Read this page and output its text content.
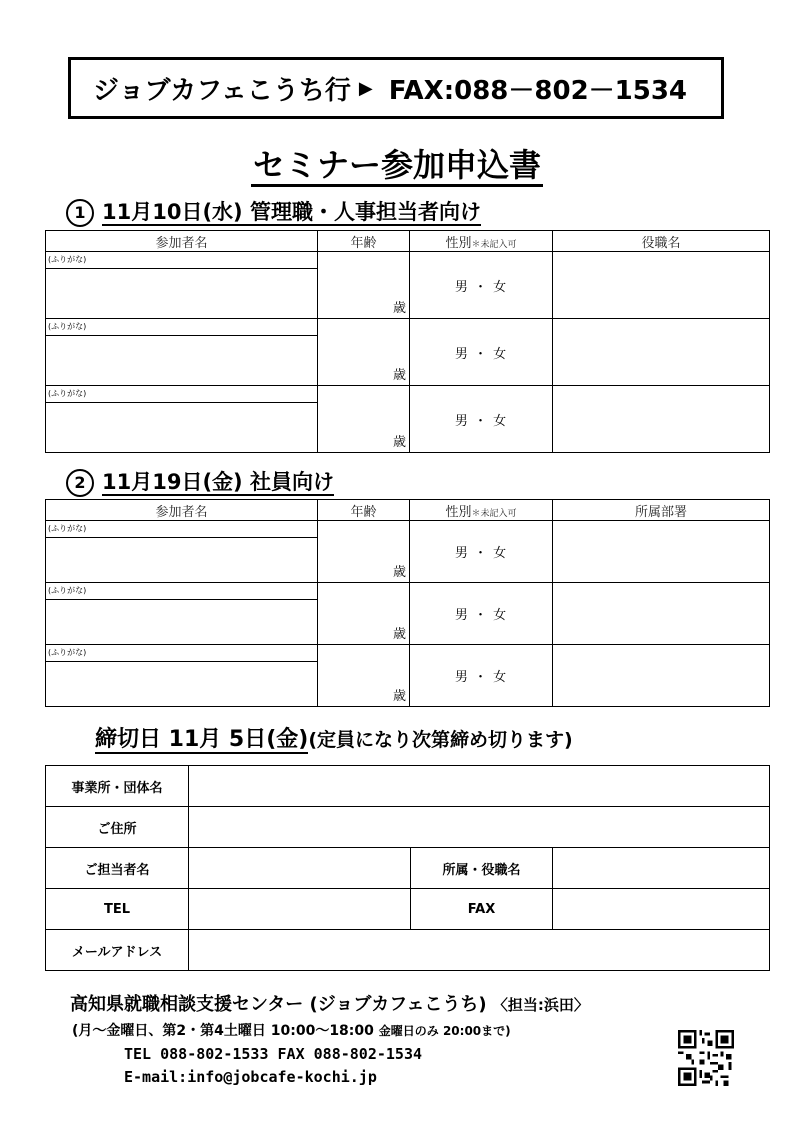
ジョブカフェこうち行 ▶ FAX:088－802－1534
セミナー参加申込書
1 11月10日(水) 管理職・人事担当者向け
参加者名	年齢	性別＊未記入可	役職名

(ふりがな)	歳	男 ・ 女	

(ふりがな)	歳	男 ・ 女	

(ふりがな)	歳	男 ・ 女	
2 11月19日(金) 社員向け
参加者名	年齢	性別＊未記入可	所属部署

(ふりがな)	歳	男 ・ 女	

(ふりがな)	歳	男 ・ 女	

(ふりがな)	歳	男 ・ 女	
締切日 11月 5日(金)(定員になり次第締め切ります)
事業所・団体名			
ご住所			
ご担当者名		所属・役職名	
TEL		FAX	
メールアドレス			
高知県就職相談支援センター (ジョブカフェこうち) 〈担当:浜田〉
(月～金曜日、第2・第4土曜日 10:00～18:00 金曜日のみ 20:00まで)
TEL 088-802-1533 FAX 088-802-1534
E-mail:info@jobcafe-kochi.jp
